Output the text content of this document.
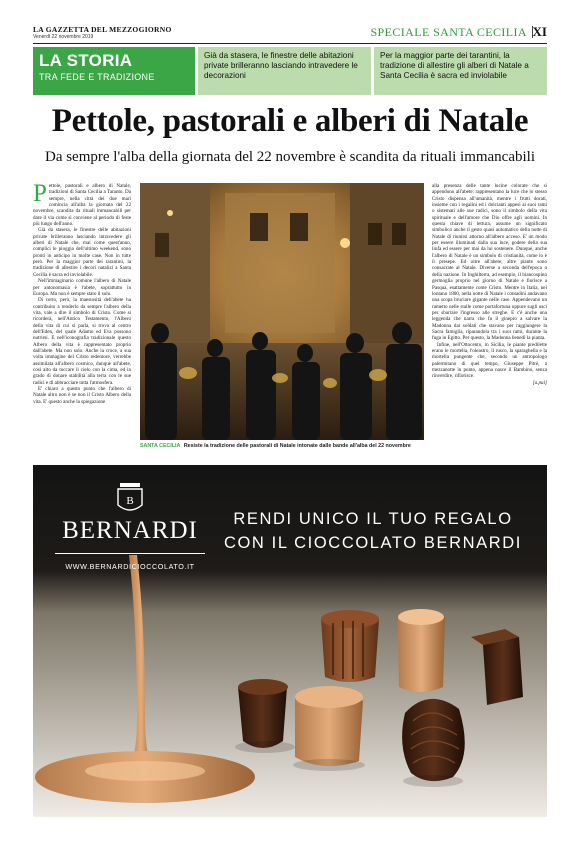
LA GAZZETTA DEL MEZZOGIORNO
Venerdì 22 novembre 2019	SPECIALE SANTA CECILIA XI
LA STORIA
TRA FEDE E TRADIZIONE
Già da stasera, le finestre delle abitazioni private brilleranno lasciando intravedere le decorazioni
Per la maggior parte dei tarantini, la tradizione di allestire gli alberi di Natale a Santa Cecilia è sacra ed inviolabile
Pettole, pastorali e alberi di Natale
Da sempre l'alba della giornata del 22 novembre è scandita da rituali immancabili

Pettole, pastorali e albero di Natale, tradizioni di Santa Cecilia a Taranto. Da sempre, nella città dei due mari comincia all'alba la giornata del 22 novembre, scandita da rituali immancabili per dare il via come si conviene al periodo di feste più lungo dell'anno.

Già da stasera, le finestre delle abitazioni private brilleranno lasciando intravedere gli alberi di Natale che, mai come quest'anno, complici le pioggia dell'ultimo weekend, sono pronti in anticipo in molte case. Non in tutte però. Per la maggior parte dei tarantini, la tradizione di allestire i decori natalizi a Santa Cecilia è sacra ed inviolabile.

Nell'immaginario comune l'albero di Natale per antonomasia è l'abete, soprattutto in Europa. Ma non è sempre stato il solo.

Di certo, però, la maestosità dell'abete ha contribuito a renderlo da sempre l'albero della vita, vale a dire il simbolo di Cristo. Come si ricorderà, nell'Antico Testamento, l'Albero della vita di cui si parla, si trova al centro dell'Eden, del quale Adamo ed Eva possono nutrirsi. E nell'iconografia tradizionale questo Albero della vita è rappresentato proprio dall'abete. Ma non solo. Anche la croce, a sua volta immagine del Cristo redentore, verrebbe assimilata all'albero cosmico, dunque all'abete, così alto da toccare il cielo con la cima, ed in grado di donare stabilità alla terra con le sue radici e di abbracciare tutta l'atmosfera.

E' chiaro a questo punto che l'albero di Natale altro non è se non il Cristo Albero della vita. E' questo anche la spiegazione

SANTA CECILIA Resiste la tradizione delle pastorali di Natale intonate dalle bande all'alba del 22 novembre

alla presenza delle tante lucine colorate che si appendono all'abete: rappresentano la luce che lo stesso Cristo dispensa all'umanità, mentre i frutti dorati, insieme con i regalini ed i dolcianti appesi ai suoi rami o sistemati alle sue radici, sono il simbolo della vita spirituale e dell'amore che Dio offre agli uomini. In questa chiave di lettura, assume un significato simbolico anche il gesto quasi automatico della notte di Natale di riunirsi attorno all'albero acceso. E' un modo per essere illuminati dalla sua luce, godere della sua linfa ed essere per mai da lui sostenere. Dunque, anche l'albero di Natale è un simbolo di cristianità, come lo è il presepe. Ed oltre all'abete, altre piante sono consacrate al Natale. Diverse a seconda dell'epoca o della nazione. In Inghilterra, ad esempio, il biancospino germoglia proprio nel giorno di Natale e fiorisce a Pasqua, esattamente come Cristo. Mentre in Italia, nel lontano 1800, nella notte di Natale i contadini andavano una scopa bruciare gigante nelle case. Appendevano un rametto nelle stalle come portafortuna oppure sugli usci per sbarrare l'ingresso alle streghe. E c'è anche una leggenda che narra che fu il ginepro a salvare la Madonna dai soldati che stavano per raggiungere la Sacra famiglia, riparandola tra i suoi rami, durante la fuga in Egitto. Per questo, la Madonna benedì la pianta.

Infine, nell'Ottocento, in Sicilia, le piante predilette erano le mortella, l'oleastro, il rusco, la sparaghella e la mortella pungente che, secondo un antropologo palermitano di quel tempo, Giuseppe Pitrè, a mezzanotte in punto, appena nasce il Bambino, senza rinverdire, rifiorisce.

[a.pul]
B
BERNARDI
WWW.BERNARDICIOCCOLATO.IT
RENDI UNICO IL TUO REGALO
CON IL CIOCCOLATO BERNARDI
